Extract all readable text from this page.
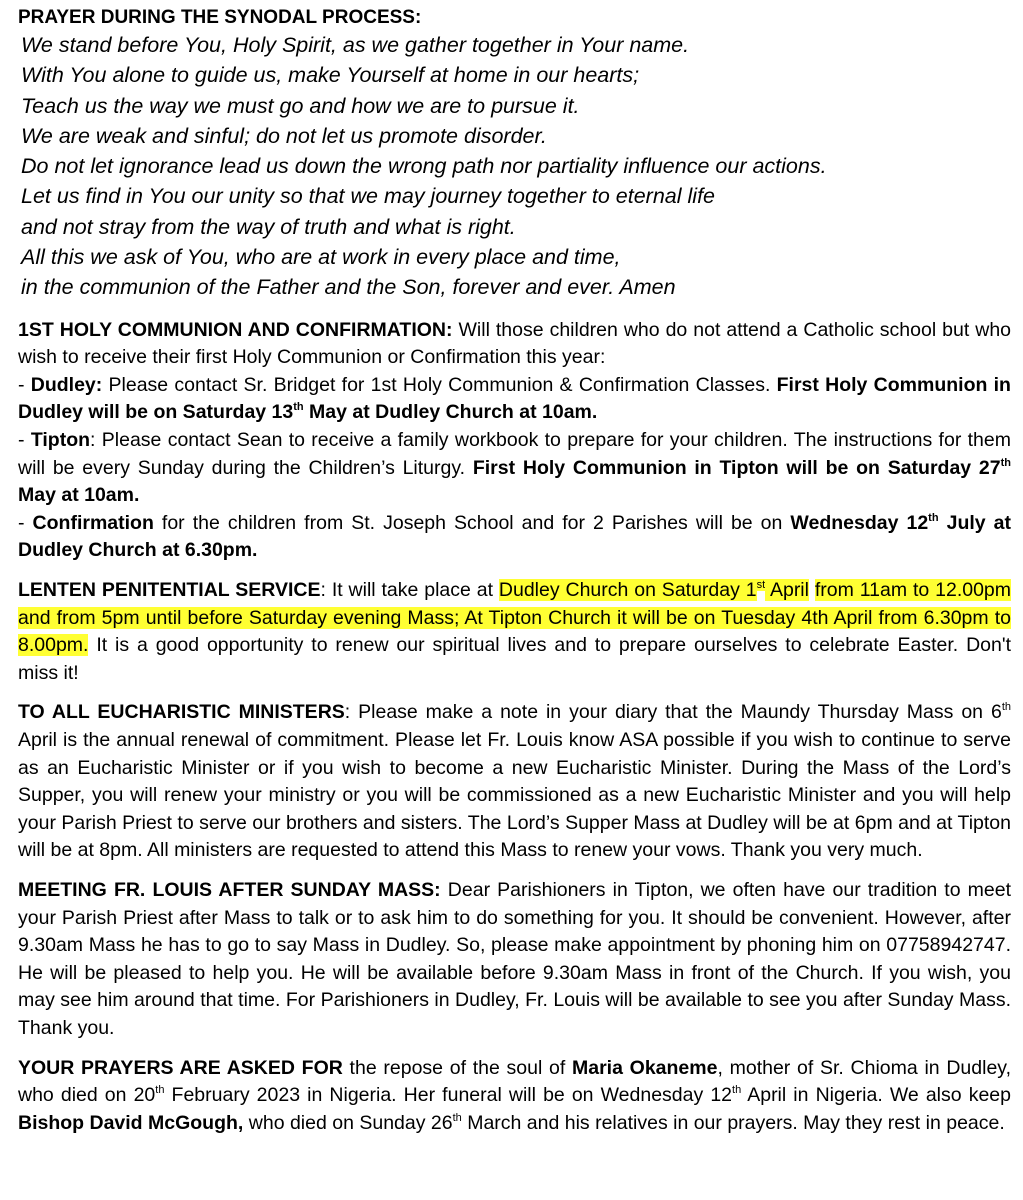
PRAYER DURING THE SYNODAL PROCESS:
We stand before You, Holy Spirit, as we gather together in Your name.
With You alone to guide us, make Yourself at home in our hearts;
Teach us the way we must go and how we are to pursue it.
We are weak and sinful; do not let us promote disorder.
Do not let ignorance lead us down the wrong path nor partiality influence our actions.
Let us find in You our unity so that we may journey together to eternal life
and not stray from the way of truth and what is right.
All this we ask of You, who are at work in every place and time,
in the communion of the Father and the Son, forever and ever. Amen

1ST HOLY COMMUNION AND CONFIRMATION: Will those children who do not attend a Catholic school but who wish to receive their first Holy Communion or Confirmation this year:

- Dudley: Please contact Sr. Bridget for 1st Holy Communion & Confirmation Classes. First Holy Communion in Dudley will be on Saturday 13th May at Dudley Church at 10am.

- Tipton: Please contact Sean to receive a family workbook to prepare for your children. The instructions for them will be every Sunday during the Children’s Liturgy. First Holy Communion in Tipton will be on Saturday 27th May at 10am.

- Confirmation for the children from St. Joseph School and for 2 Parishes will be on Wednesday 12th July at Dudley Church at 6.30pm.

LENTEN PENITENTIAL SERVICE: It will take place at Dudley Church on Saturday 1st April from 11am to 12.00pm and from 5pm until before Saturday evening Mass; At Tipton Church it will be on Tuesday 4th April from 6.30pm to 8.00pm. It is a good opportunity to renew our spiritual lives and to prepare ourselves to celebrate Easter. Don't miss it!

TO ALL EUCHARISTIC MINISTERS: Please make a note in your diary that the Maundy Thursday Mass on 6th April is the annual renewal of commitment. Please let Fr. Louis know ASA possible if you wish to continue to serve as an Eucharistic Minister or if you wish to become a new Eucharistic Minister. During the Mass of the Lord’s Supper, you will renew your ministry or you will be commissioned as a new Eucharistic Minister and you will help your Parish Priest to serve our brothers and sisters. The Lord’s Supper Mass at Dudley will be at 6pm and at Tipton will be at 8pm. All ministers are requested to attend this Mass to renew your vows. Thank you very much.

MEETING FR. LOUIS AFTER SUNDAY MASS: Dear Parishioners in Tipton, we often have our tradition to meet your Parish Priest after Mass to talk or to ask him to do something for you. It should be convenient. However, after 9.30am Mass he has to go to say Mass in Dudley. So, please make appointment by phoning him on 07758942747. He will be pleased to help you. He will be available before 9.30am Mass in front of the Church. If you wish, you may see him around that time. For Parishioners in Dudley, Fr. Louis will be available to see you after Sunday Mass. Thank you.

YOUR PRAYERS ARE ASKED FOR the repose of the soul of Maria Okaneme, mother of Sr. Chioma in Dudley, who died on 20th February 2023 in Nigeria. Her funeral will be on Wednesday 12th April in Nigeria. We also keep Bishop David McGough, who died on Sunday 26th March and his relatives in our prayers. May they rest in peace.
